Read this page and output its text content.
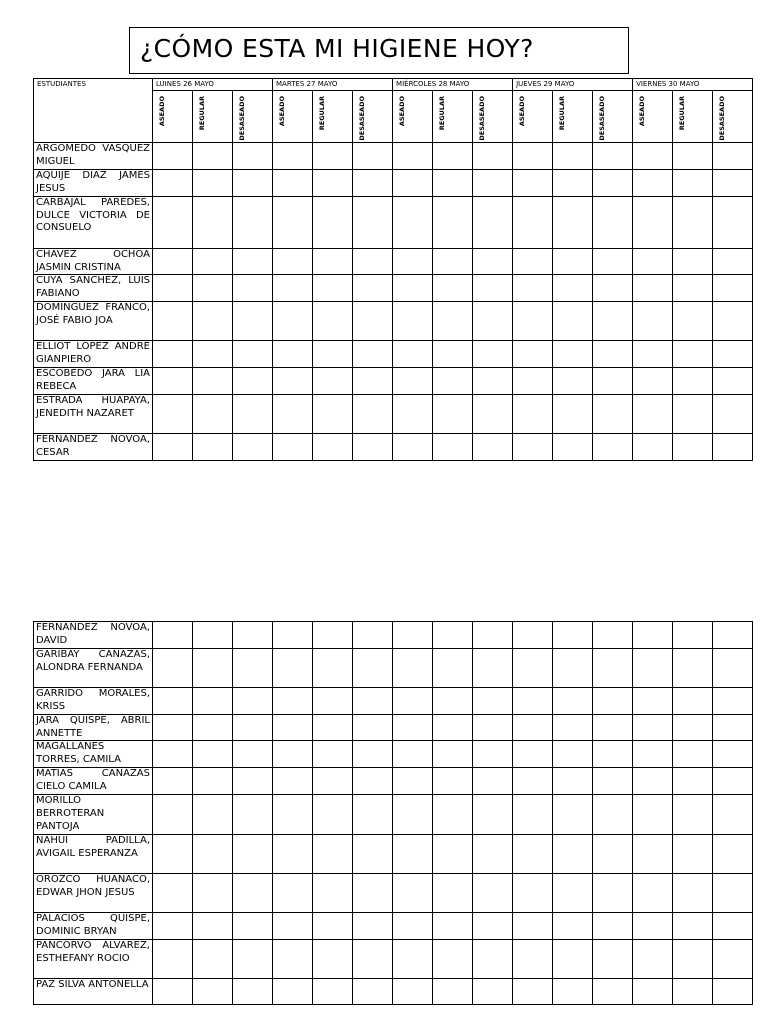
¿CÓMO ESTA MI HIGIENE HOY?
ESTUDIANTES	LUINES 26 MAYO			MARTES 27 MAYO			MIÉRCOLES 28 MAYO			JUEVES 29 MAYO			VIERNES 30 MAYO		

	ASEADO	REGULAR	DESASEADO	ASEADO	REGULAR	DESASEADO	ASEADO	REGULAR	DESASEADO	ASEADO	REGULAR	DESASEADO	ASEADO	REGULAR	DESASEADO

ARGOMEDO VASQUEZ MIGUEL															
AQUIJE DIAZ JAMES JESUS															
CARBAJAL PAREDES, DULCE VICTORIA DE CONSUELO															
CHAVEZ OCHOA JASMIN CRISTINA															
CUYA SANCHEZ, LUIS FABIANO															
DOMINGUEZ FRANCO, JOSÉ FABIO JOA															
ELLIOT LOPEZ ANDRÉ GIANPIERO															
ESCOBEDO JARA LIA REBECA															
ESTRADA HUAPAYA, JENEDITH NAZARET															
FERNANDEZ NOVOA, CESAR															
FERNANDEZ NOVOA, DAVID															
GARIBAY CAÑAZAS, ALONDRA FERNANDA															
GARRIDO MORALES, KRISS															
JARA QUISPE, ABRIL ANNETTE															
MAGALLANES TORRES, CAMILA															
MATIAS CAÑAZAS CIELO CAMILA															
MORILLO BERROTERAN PANTOJA															
NAHUI PADILLA, AVIGAIL ESPERANZA															
OROZCO HUANACO, EDWAR JHON JESUS															
PALACIOS QUISPE, DOMINIC BRYAN															
PANCORVO ALVAREZ, ESTHEFANY ROCIO															
PAZ SILVA ANTONELLA															
